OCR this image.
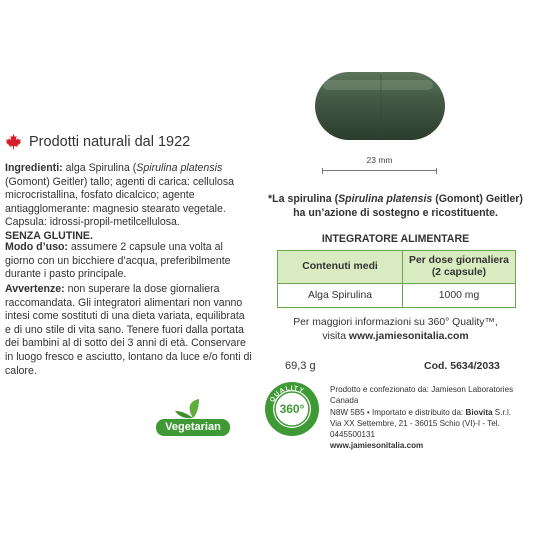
Prodotti naturali dal 1922

Ingredienti: alga Spirulina (Spirulina platensis (Gomont) Geitler) tallo; agenti di carica: cellulosa microcristallina, fosfato dicalcico; agente antiagglomerante: magnesio stearato vegetale. Capsula: idrossi-propil-metilcellulosa.

SENZA GLUTINE.

Modo d’uso: assumere 2 capsule una volta al giorno con un bicchiere d’acqua, preferibilmente durante i pasto principale.

Avvertenze: non superare la dose giornaliera raccomandata. Gli integratori alimentari non vanno intesi come sostituti di una dieta variata, equilibrata e di uno stile di vita sano. Tenere fuori dalla portata dei bambini al di sotto dei 3 anni di età. Conservare in luogo fresco e asciutto, lontano da luce e/o fonti di calore.

Vegetarian
23 mm
*La spirulina (Spirulina platensis (Gomont) Geitler)
ha un’azione di sostegno e ricostituente.
INTEGRATORE ALIMENTARE
Contenuti medi	Per dose giornaliera (2 capsule)
Alga Spirulina	1000 mg
Per maggiori informazioni su 360° Quality™,
visita www.jamiesonitalia.com
69,3 g	Cod. 5634/2033
QUALITY
360°
Prodotto e confezionato da: Jamieson Laboratories Canada
N8W 5B5 • Importato e distribuito da: Biovita S.r.l.
Via XX Settembre, 21 - 36015 Schio (VI)-I - Tel. 0445500131
www.jamiesonitalia.com
